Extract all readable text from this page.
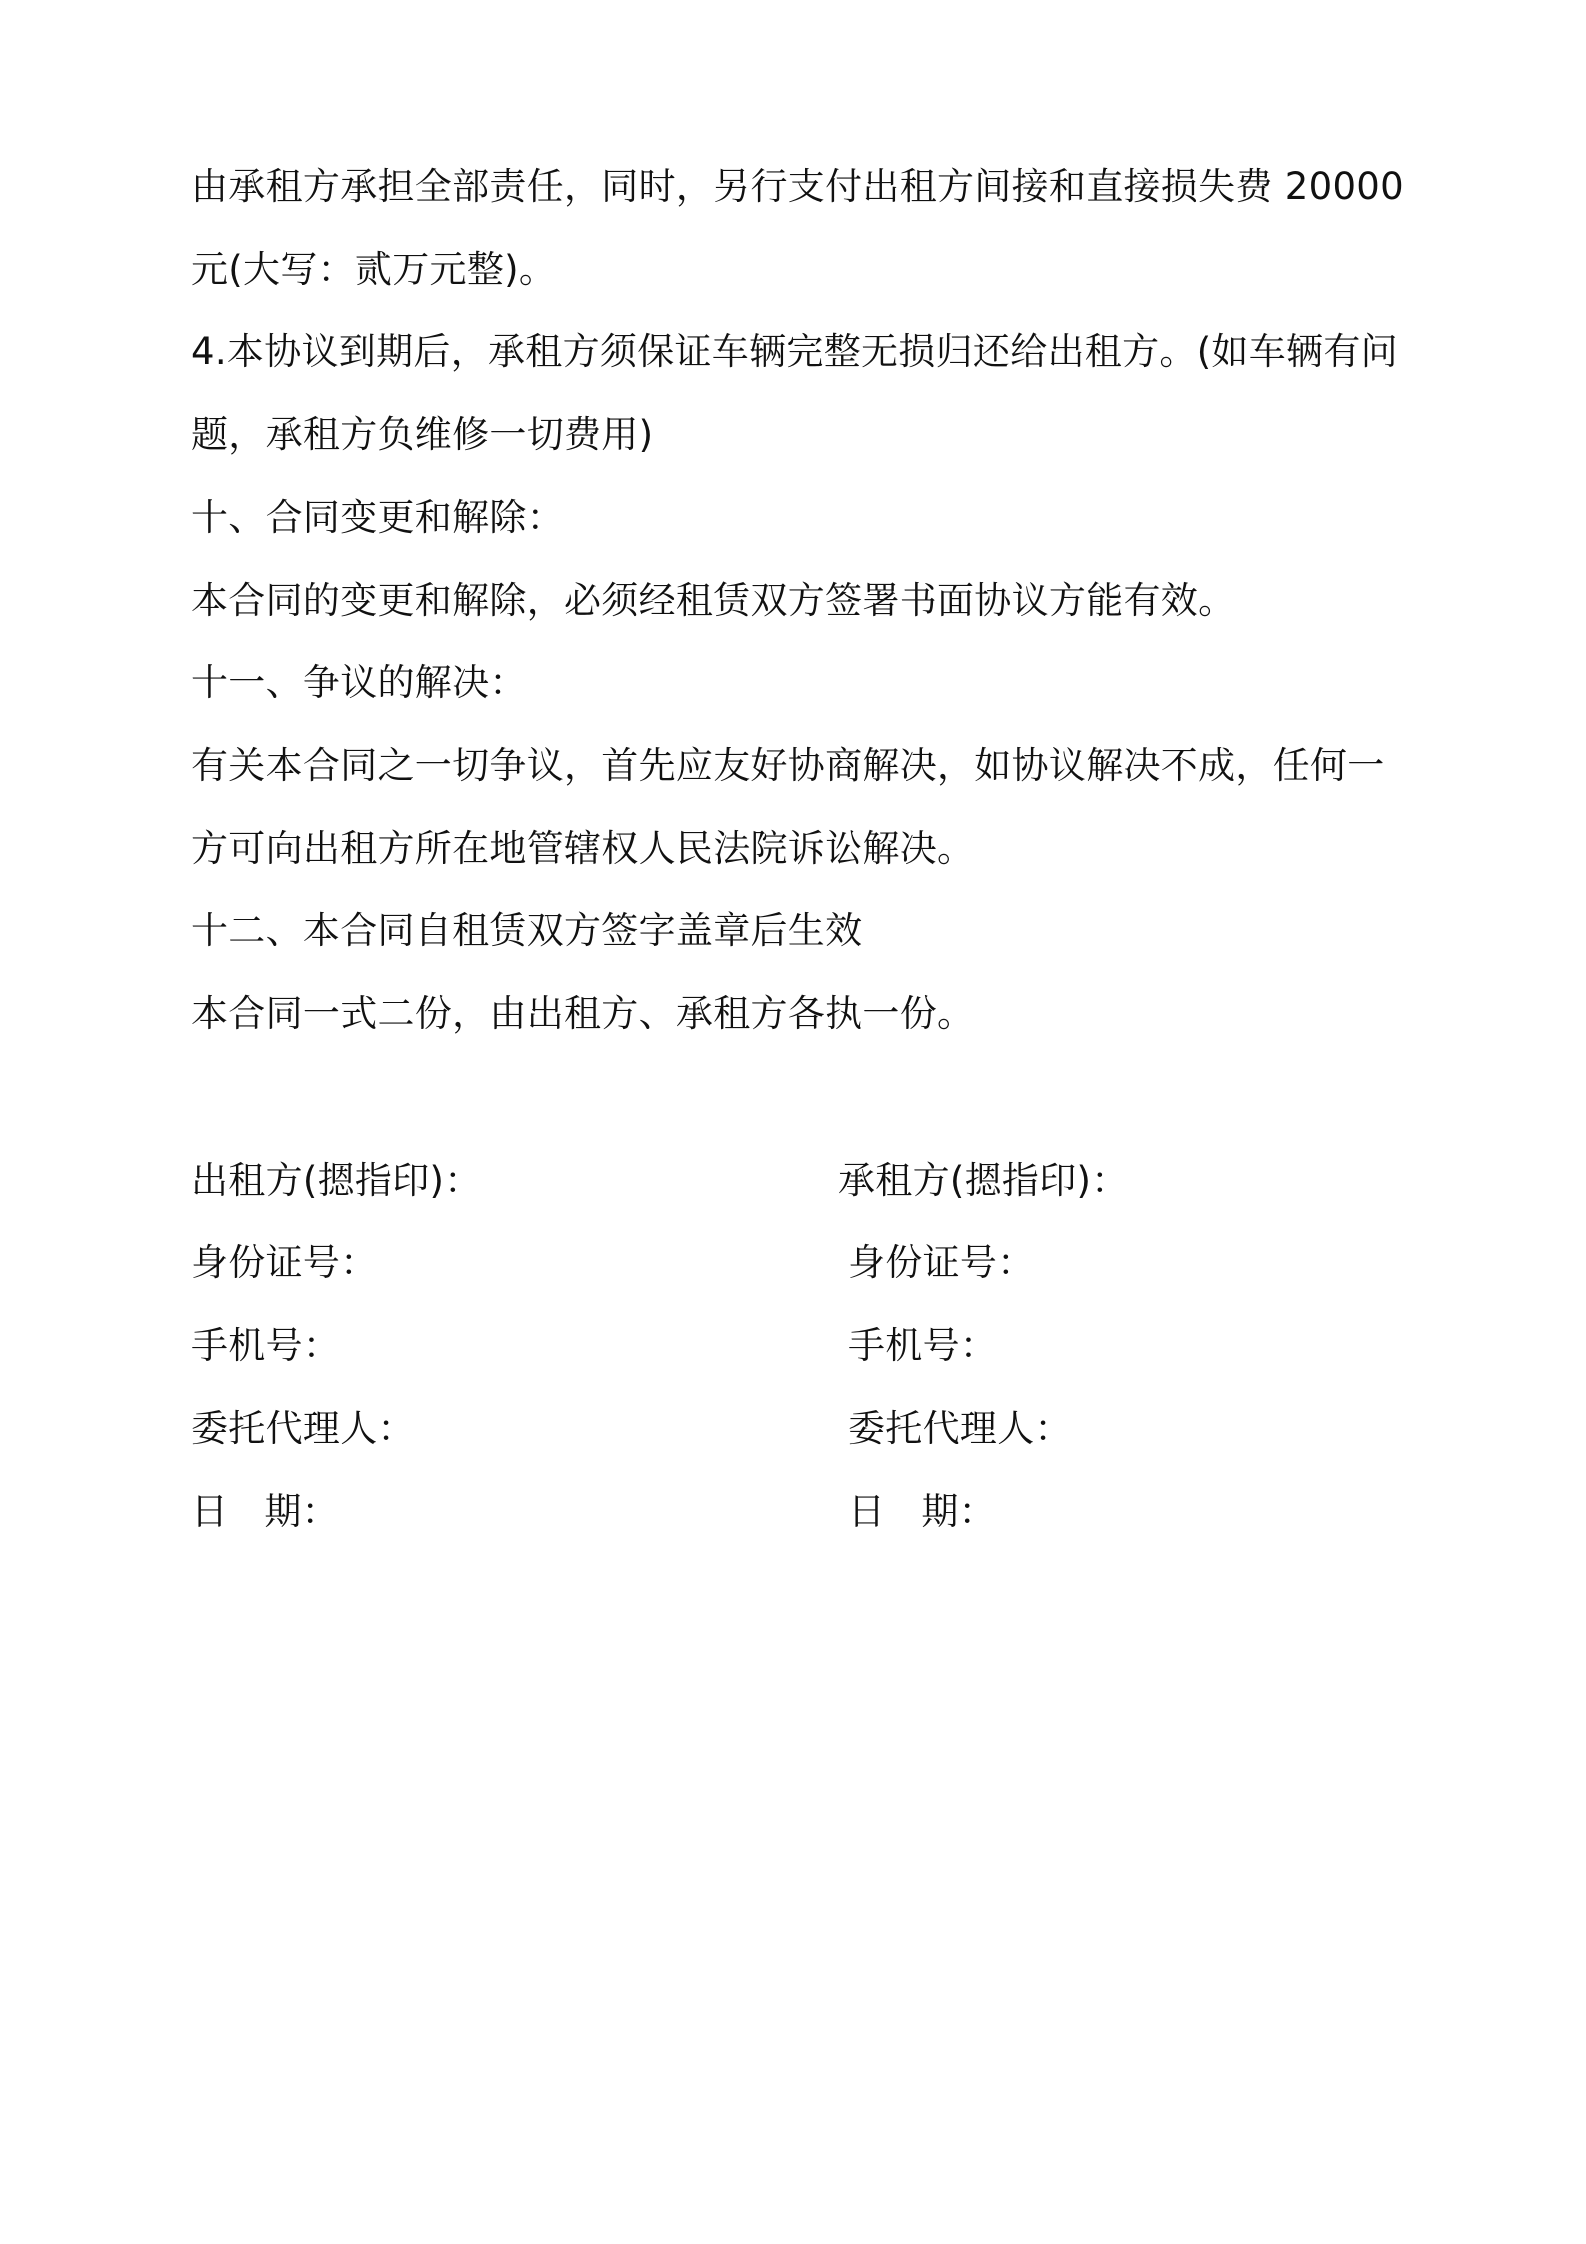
由承租方承担全部责任，同时，另行支付出租方间接和直接损失费 20000
元(大写：贰万元整)。
4.本协议到期后，承租方须保证车辆完整无损归还给出租方。(如车辆有问
题，承租方负维修一切费用)
十、合同变更和解除：
本合同的变更和解除，必须经租赁双方签署书面协议方能有效。
十一、争议的解决：
有关本合同之一切争议，首先应友好协商解决，如协议解决不成，任何一
方可向出租方所在地管辖权人民法院诉讼解决。
十二、本合同自租赁双方签字盖章后生效
本合同一式二份，由出租方、承租方各执一份。
出租方(摁指印)：
身份证号：
手机号：
委托代理人：
日 期：
承租方(摁指印)：
身份证号：
手机号：
委托代理人：
日 期：
